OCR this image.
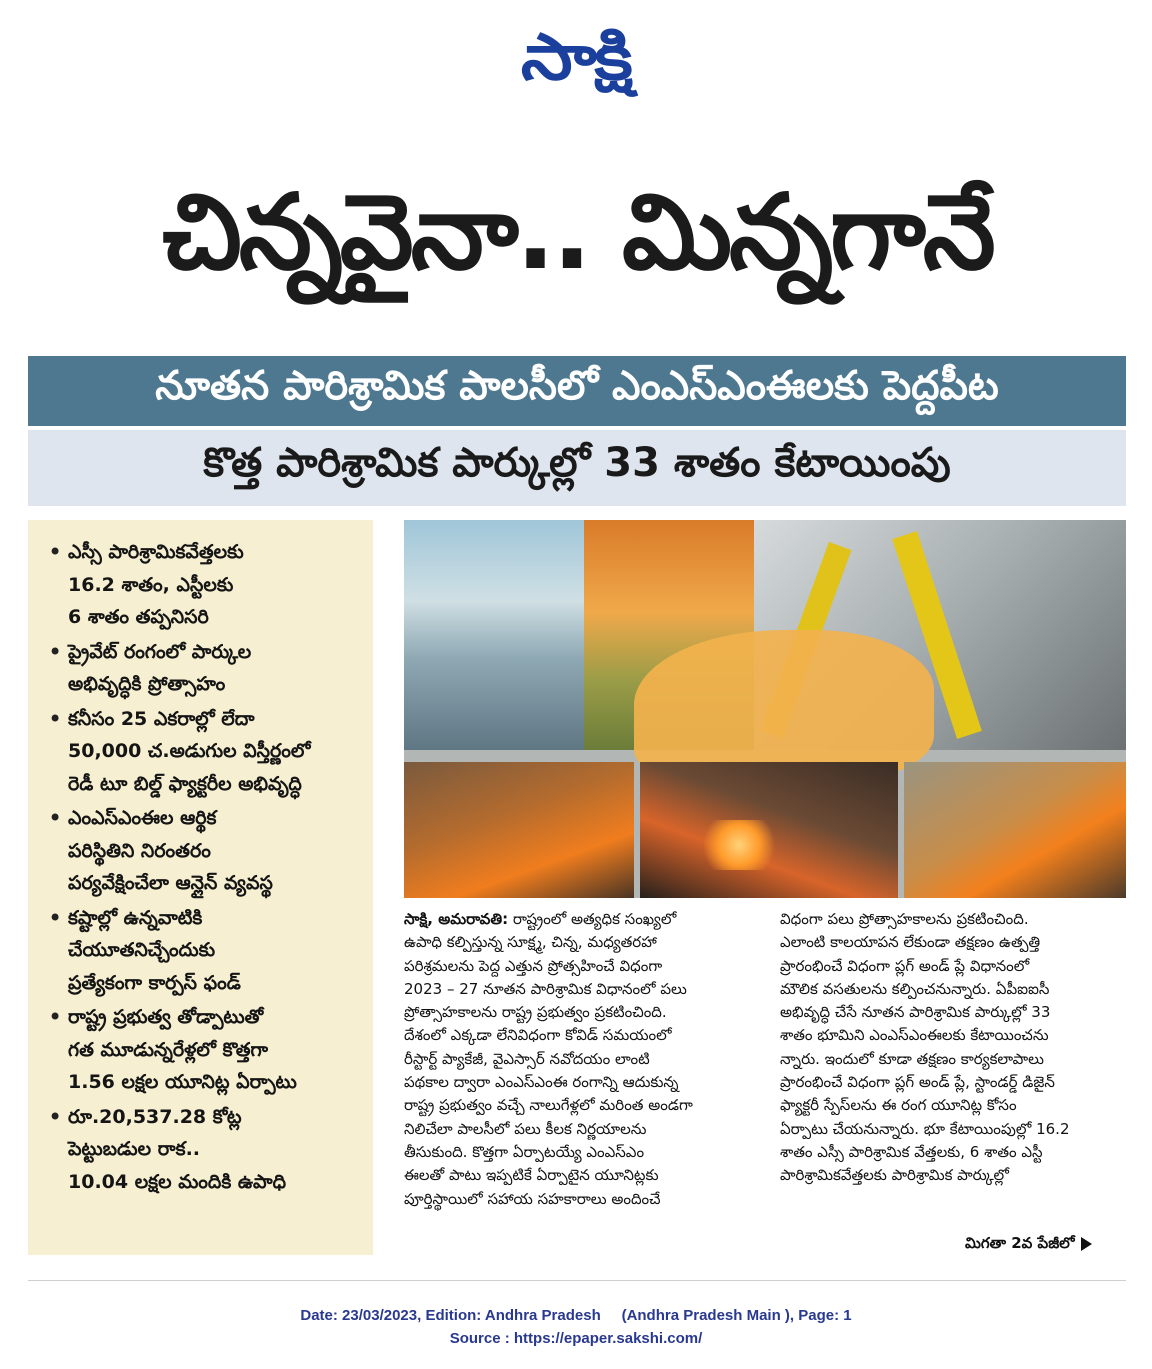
సాక్షి
చిన్నవైనా.. మిన్నగానే
నూతన పారిశ్రామిక పాలసీలో ఎంఎస్ఎంఈలకు పెద్దపీట
కొత్త పారిశ్రామిక పార్కుల్లో 33 శాతం కేటాయింపు
• ఎస్సీ పారిశ్రామికవేత్తలకు
16.2 శాతం, ఎస్టీలకు
6 శాతం తప్పనిసరి
• ప్రైవేట్ రంగంలో పార్కుల
అభివృద్ధికి ప్రోత్సాహం
• కనీసం 25 ఎకరాల్లో లేదా
50,000 చ.అడుగుల విస్తీర్ణంలో
రెడీ టూ బిల్డ్ ఫ్యాక్టరీల అభివృద్ధి
• ఎంఎస్ఎంఈల ఆర్థిక
పరిస్థితిని నిరంతరం
పర్యవేక్షించేలా ఆన్లైన్ వ్యవస్థ
• కష్టాల్లో ఉన్నవాటికి
చేయూతనిచ్చేందుకు
ప్రత్యేకంగా కార్పస్ ఫండ్
• రాష్ట్ర ప్రభుత్వ తోడ్పాటుతో
గత మూడున్నరేళ్లలో కొత్తగా
1.56 లక్షల యూనిట్ల ఏర్పాటు
• రూ.20,537.28 కోట్ల
పెట్టుబడుల రాక..
10.04 లక్షల మందికి ఉపాధి

సాక్షి, అమరావతి: రాష్ట్రంలో అత్యధిక సంఖ్యలో

ఉపాధి కల్పిస్తున్న సూక్ష్మ, చిన్న, మధ్యతరహా

పరిశ్రమలను పెద్ద ఎత్తున ప్రోత్సహించే విధంగా

2023 – 27 నూతన పారిశ్రామిక విధానంలో పలు

ప్రోత్సాహకాలను రాష్ట్ర ప్రభుత్వం ప్రకటించింది.

దేశంలో ఎక్కడా లేనివిధంగా కోవిడ్ సమయంలో

రీస్టార్ట్ ప్యాకేజీ, వైఎస్సార్ నవోదయం లాంటి

పథకాల ద్వారా ఎంఎస్ఎంఈ రంగాన్ని ఆదుకున్న

రాష్ట్ర ప్రభుత్వం వచ్చే నాలుగేళ్లలో మరింత అండగా

నిలిచేలా పాలసీలో పలు కీలక నిర్ణయాలను

తీసుకుంది. కొత్తగా ఏర్పాటయ్యే ఎంఎస్ఎం

ఈలతో పాటు ఇప్పటికే ఏర్పాటైన యూనిట్లకు

పూర్తిస్థాయిలో సహాయ సహకారాలు అందించే

విధంగా పలు ప్రోత్సాహకాలను ప్రకటించింది.

ఎలాంటి కాలయాపన లేకుండా తక్షణం ఉత్పత్తి

ప్రారంభించే విధంగా ప్లగ్ అండ్ ప్లే విధానంలో

మౌలిక వసతులను కల్పించనున్నారు. ఏపీఐఐసీ

అభివృద్ధి చేసే నూతన పారిశ్రామిక పార్కుల్లో 33

శాతం భూమిని ఎంఎస్ఎంఈలకు కేటాయించను

న్నారు. ఇందులో కూడా తక్షణం కార్యకలాపాలు

ప్రారంభించే విధంగా ప్లగ్ అండ్ ప్లే, స్టాండర్డ్ డిజైన్

ఫ్యాక్టరీ స్పేస్‌లను ఈ రంగ యూనిట్ల కోసం

ఏర్పాటు చేయనున్నారు. భూ కేటాయింపుల్లో 16.2

శాతం ఎస్సీ పారిశ్రామిక వేత్తలకు, 6 శాతం ఎస్టీ

పారిశ్రామికవేత్తలకు పారిశ్రామిక పార్కుల్లో

మిగతా 2వ పేజీలో
Date: 23/03/2023, Edition: Andhra Pradesh     (Andhra Pradesh Main ), Page: 1
Source : https://epaper.sakshi.com/
